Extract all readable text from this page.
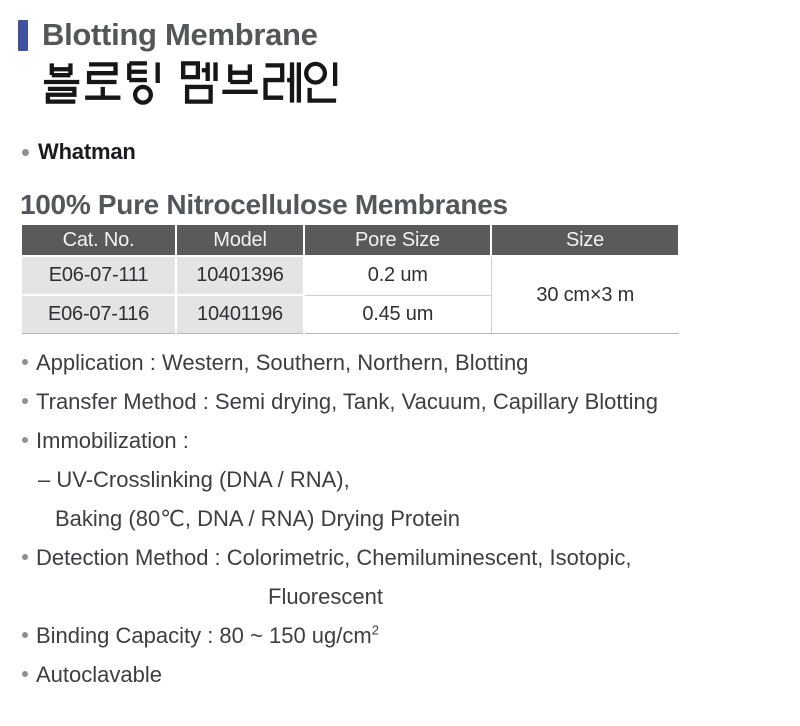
Blotting Membrane
Whatman
100% Pure Nitrocellulose Membranes
Cat. No.	Model	Pore Size	Size
E06-07-111	10401396	0.2 um	30 cm×3 m
E06-07-116	10401196	0.45 um	
Application : Western, Southern, Northern, Blotting
Transfer Method : Semi drying, Tank, Vacuum, Capillary Blotting
Immobilization :
– UV-Crosslinking (DNA / RNA),
Baking (80℃, DNA / RNA) Drying Protein
Detection Method : Colorimetric, Chemiluminescent, Isotopic,
Fluorescent
Binding Capacity : 80 ~ 150 $ug/cm^2$
Autoclavable
